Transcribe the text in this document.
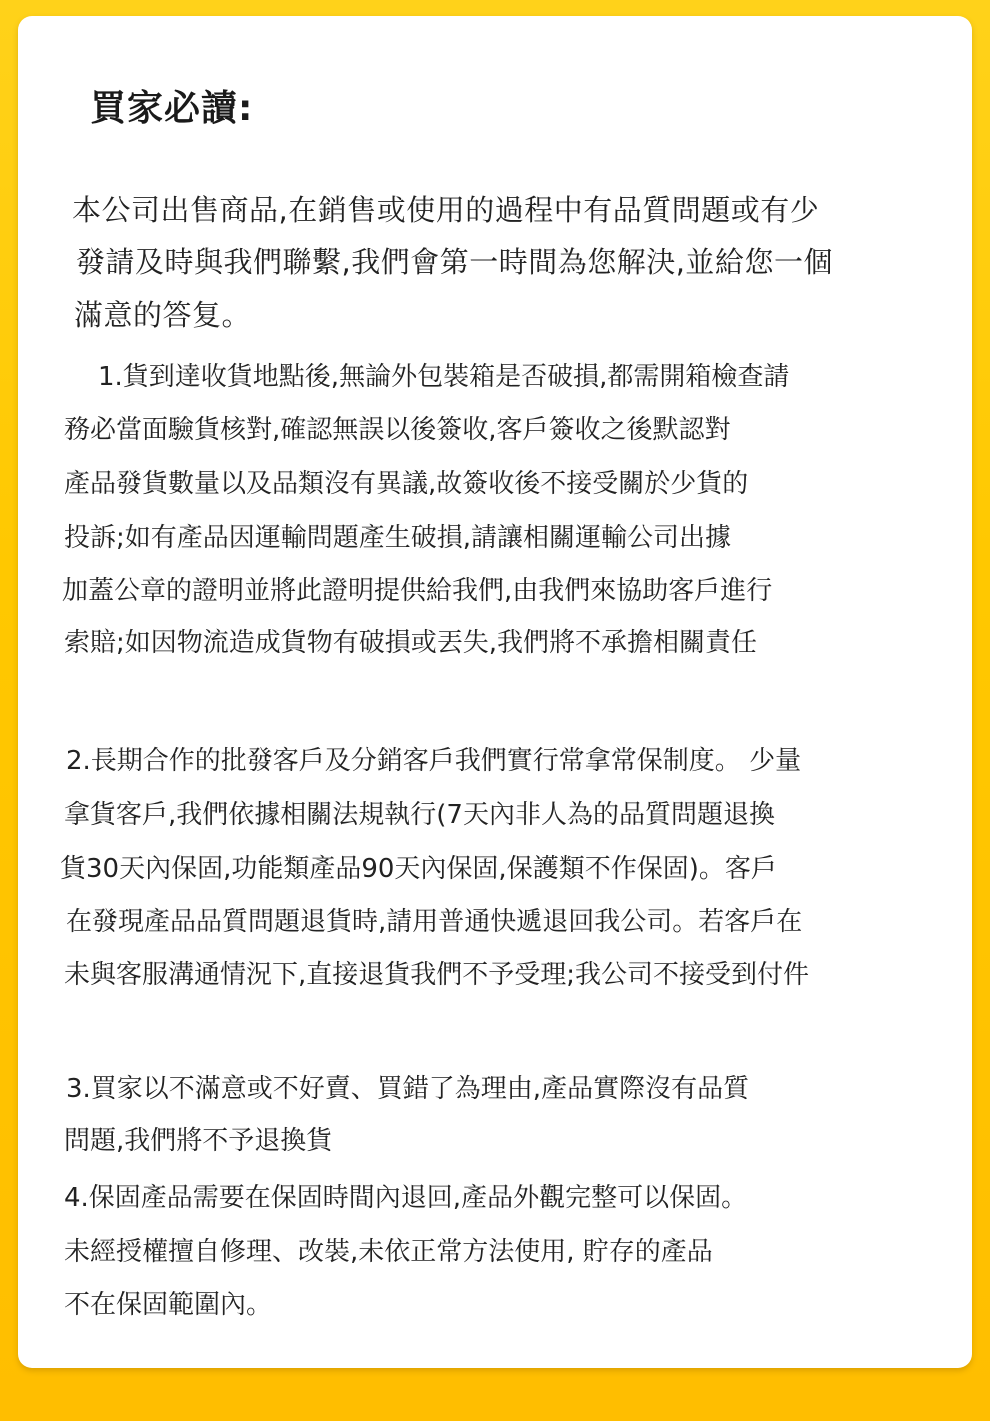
買家必讀:

本公司出售商品,在銷售或使用的過程中有品質問題或有少

發請及時與我們聯繫,我們會第一時間為您解決,並給您一個

滿意的答复。

1.貨到達收貨地點後,無論外包裝箱是否破損,都需開箱檢查請

務必當面驗貨核對,確認無誤以後簽收,客戶簽收之後默認對

產品發貨數量以及品類沒有異議,故簽收後不接受關於少貨的

投訴;如有產品因運輸問題產生破損,請讓相關運輸公司出據

加蓋公章的證明並將此證明提供給我們,由我們來協助客戶進行

索賠;如因物流造成貨物有破損或丟失,我們將不承擔相關責任

2.長期合作的批發客戶及分銷客戶我們實行常拿常保制度。 少量

拿貨客戶,我們依據相關法規執行(7天內非人為的品質問題退換

貨30天內保固,功能類產品90天內保固,保護類不作保固)。客戶

在發現產品品質問題退貨時,請用普通快遞退回我公司。若客戶在

未與客服溝通情況下,直接退貨我們不予受理;我公司不接受到付件

3.買家以不滿意或不好賣、買錯了為理由,產品實際沒有品質

問題,我們將不予退換貨

4.保固產品需要在保固時間內退回,產品外觀完整可以保固。

未經授權擅自修理、改裝,未依正常方法使用, 貯存的產品

不在保固範圍內。
